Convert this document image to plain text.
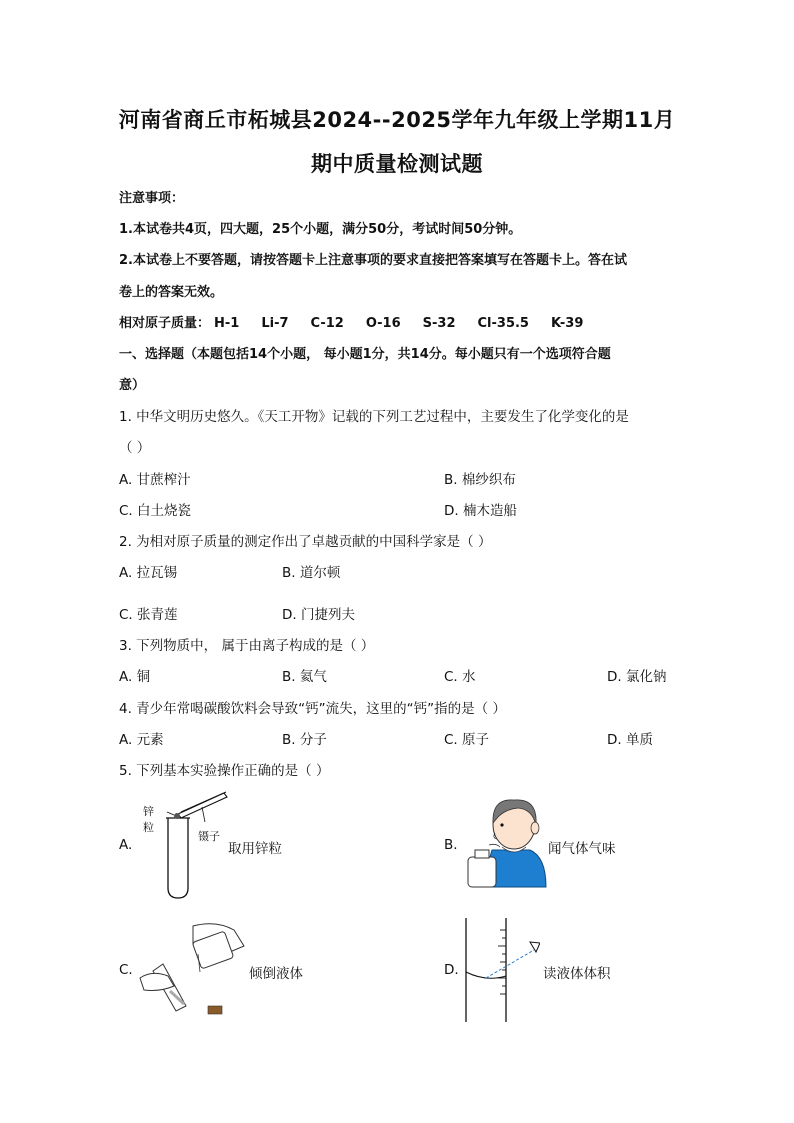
河南省商丘市柘城县2024--2025学年九年级上学期11月
期中质量检测试题
注意事项：
1.本试卷共4页，四大题，25个小题，满分50分，考试时间50分钟。
2.本试卷上不要答题，请按答题卡上注意事项的要求直接把答案填写在答题卡上。答在试
卷上的答案无效。
相对原子质量： H-1 Li-7 C-12 O-16 S-32 Cl-35.5 K-39
一、选择题（本题包括14个小题， 每小题1分，共14分。每小题只有一个选项符合题
意）
1. 中华文明历史悠久。《天工开物》记载的下列工艺过程中，主要发生了化学变化的是
（ ）
A. 甘蔗榨汁	B. 棉纱织布
C. 白土烧瓷	D. 楠木造船
2. 为相对原子质量的测定作出了卓越贡献的中国科学家是（ ）
A. 拉瓦锡	B. 道尔顿
C. 张青莲	D. 门捷列夫
3. 下列物质中， 属于由离子构成的是（ ）
A. 铜	B. 氦气	C. 水	D. 氯化钠
4. 青少年常喝碳酸饮料会导致“钙”流失，这里的“钙”指的是（ ）
A. 元素	B. 分子	C. 原子	D. 单质
5. 下列基本实验操作正确的是（ ）
A.
锌
粒
镊子
取用锌粒	B.	闻气体气味
C.	倾倒液体	D.	读液体体积
